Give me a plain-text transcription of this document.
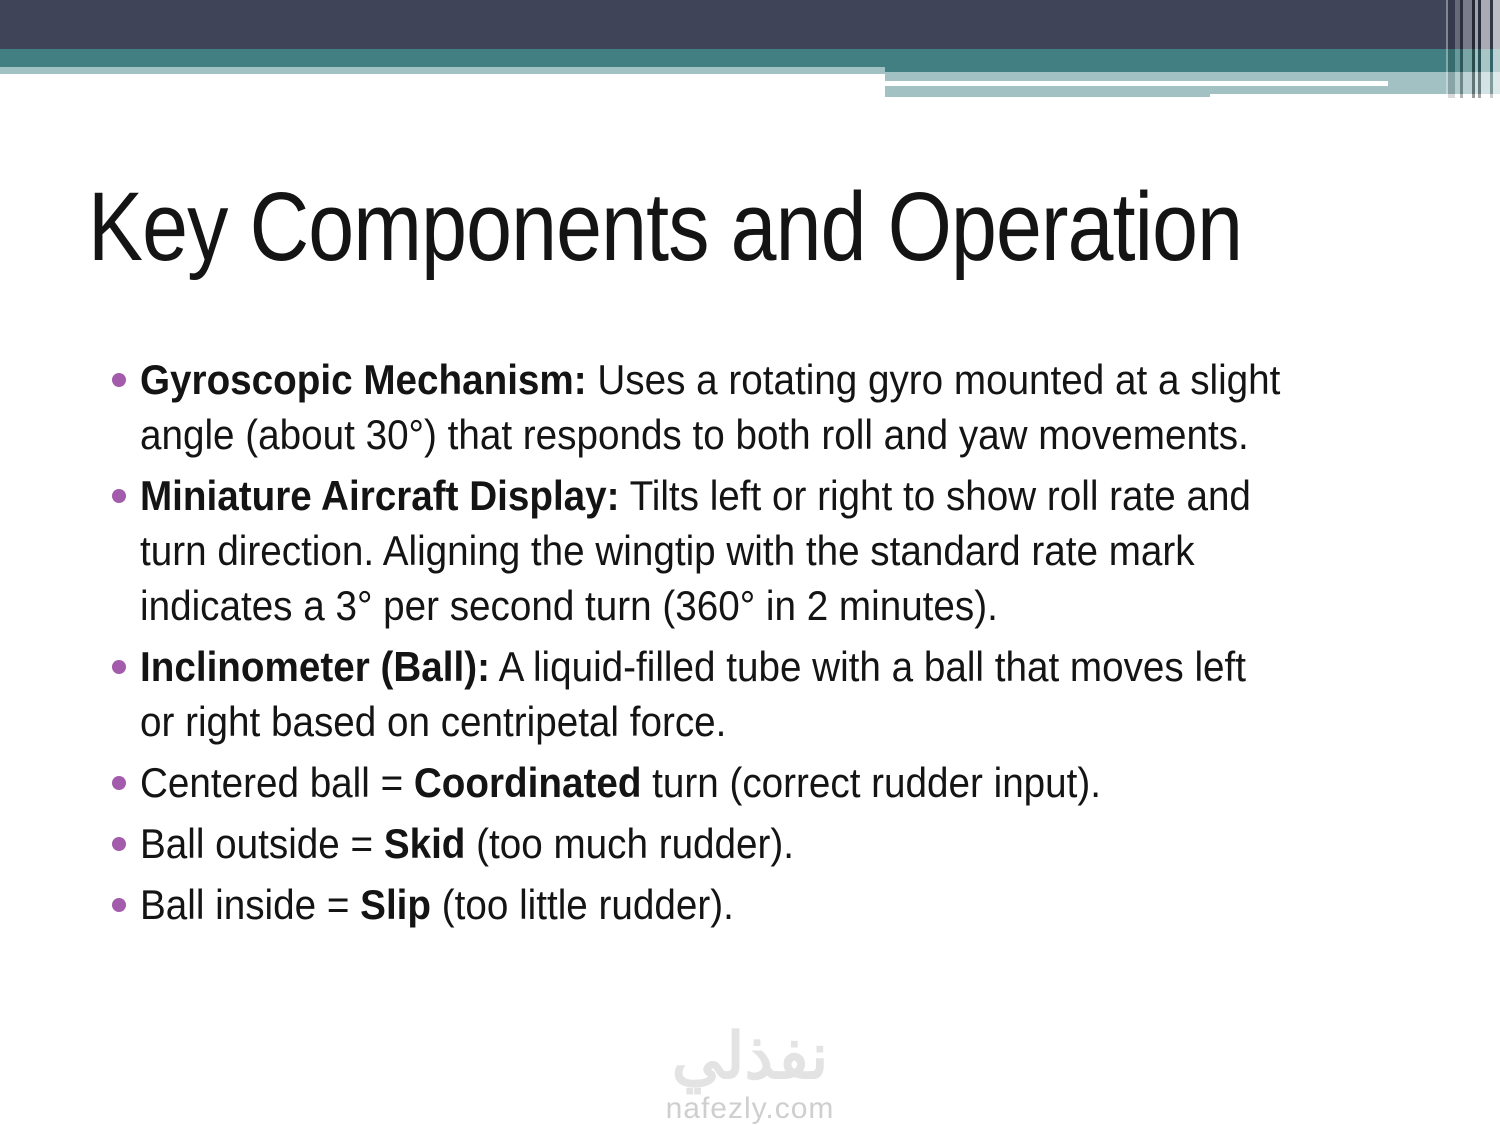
Key Components and Operation
Gyroscopic Mechanism: Uses a rotating gyro mounted at a slight
angle (about 30°) that responds to both roll and yaw movements.
Miniature Aircraft Display: Tilts left or right to show roll rate and
turn direction. Aligning the wingtip with the standard rate mark
indicates a 3° per second turn (360° in 2 minutes).
Inclinometer (Ball): A liquid-filled tube with a ball that moves left
or right based on centripetal force.
Centered ball = Coordinated turn (correct rudder input).
Ball outside = Skid (too much rudder).
Ball inside = Slip (too little rudder).
نفذلي
nafezly.com
